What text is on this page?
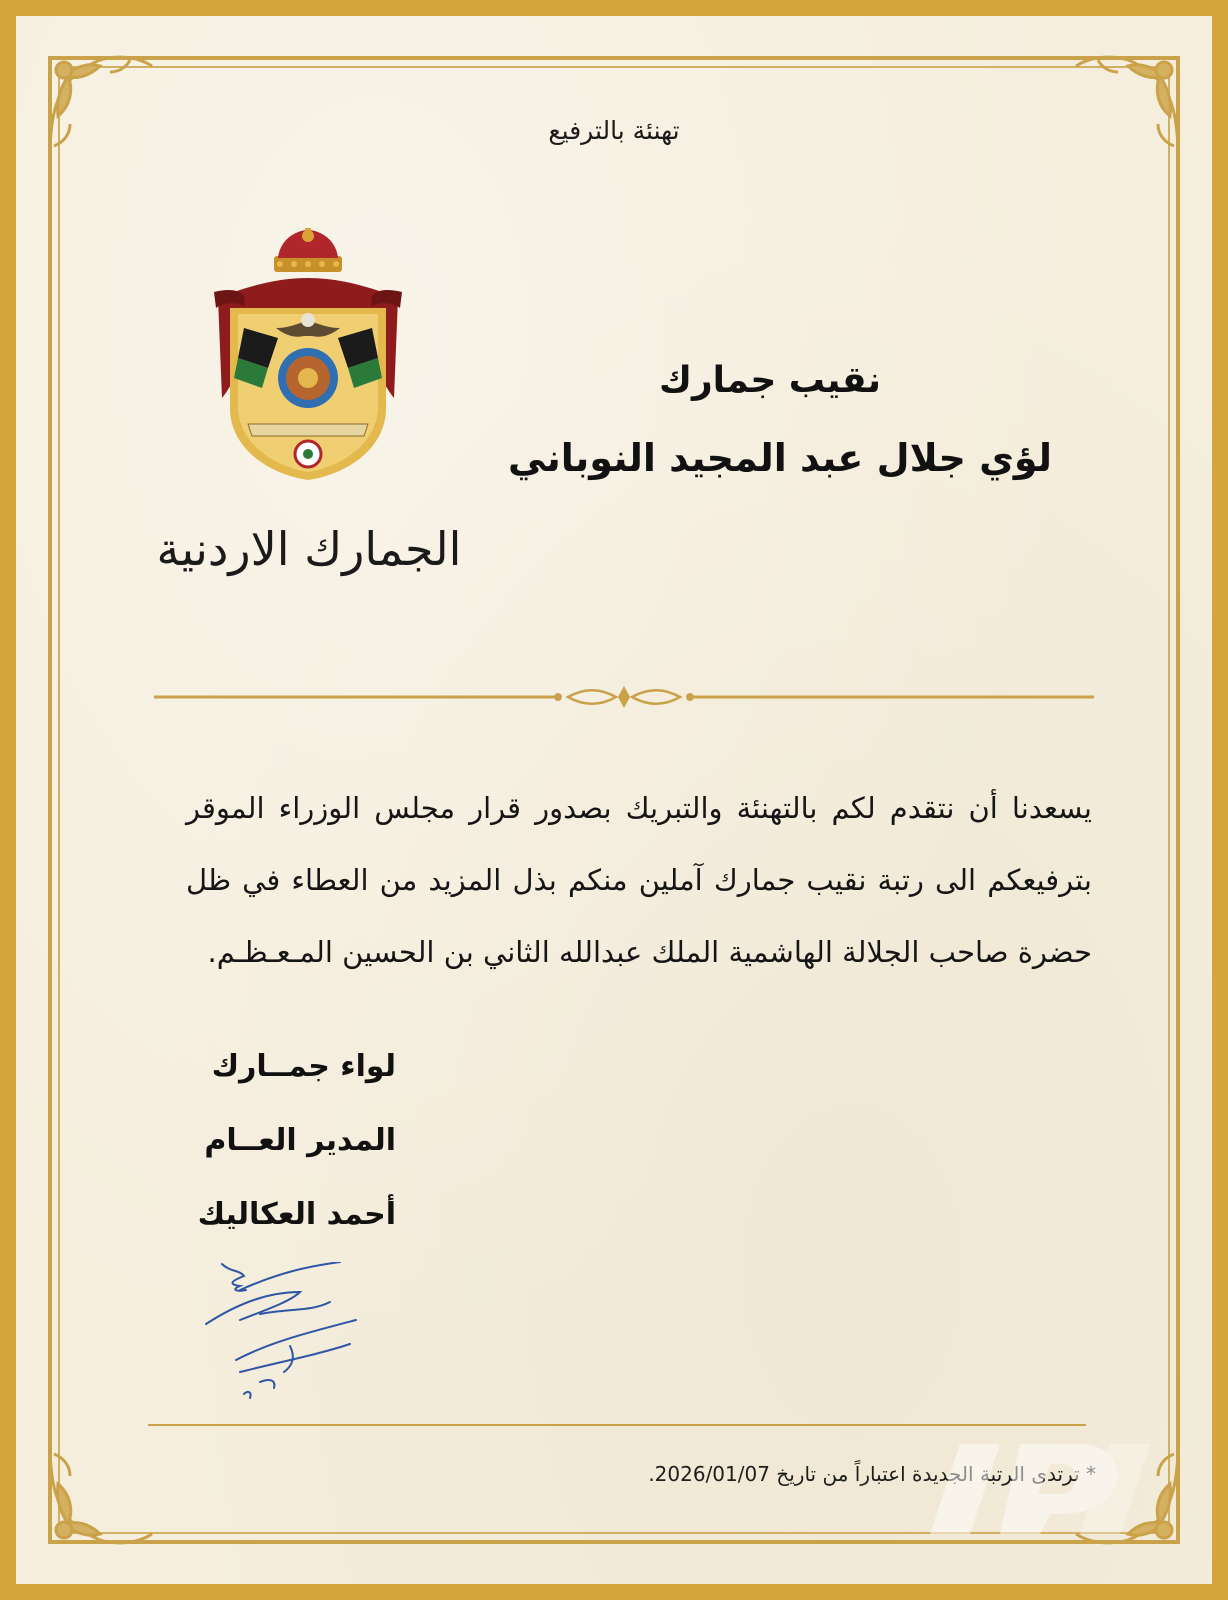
تهنئة بالترفيع
الجمارك الاردنية
نقيب جمارك
لؤي جلال عبد المجيد النوباني
يسعدنا أن نتقدم لكم بالتهنئة والتبريك بصدور قرار مجلس الوزراء الموقر بترفيعكم الى رتبة نقيب جمارك آملين منكم بذل المزيد من العطاء في ظل حضرة صاحب الجلالة الهاشمية الملك عبدالله الثاني بن الحسين المـعـظـم.
لواء جمــارك
المدير العــام
أحمد العكاليك
* ترتدى الرتبة الجديدة اعتباراً من تاريخ 2026/01/07.
